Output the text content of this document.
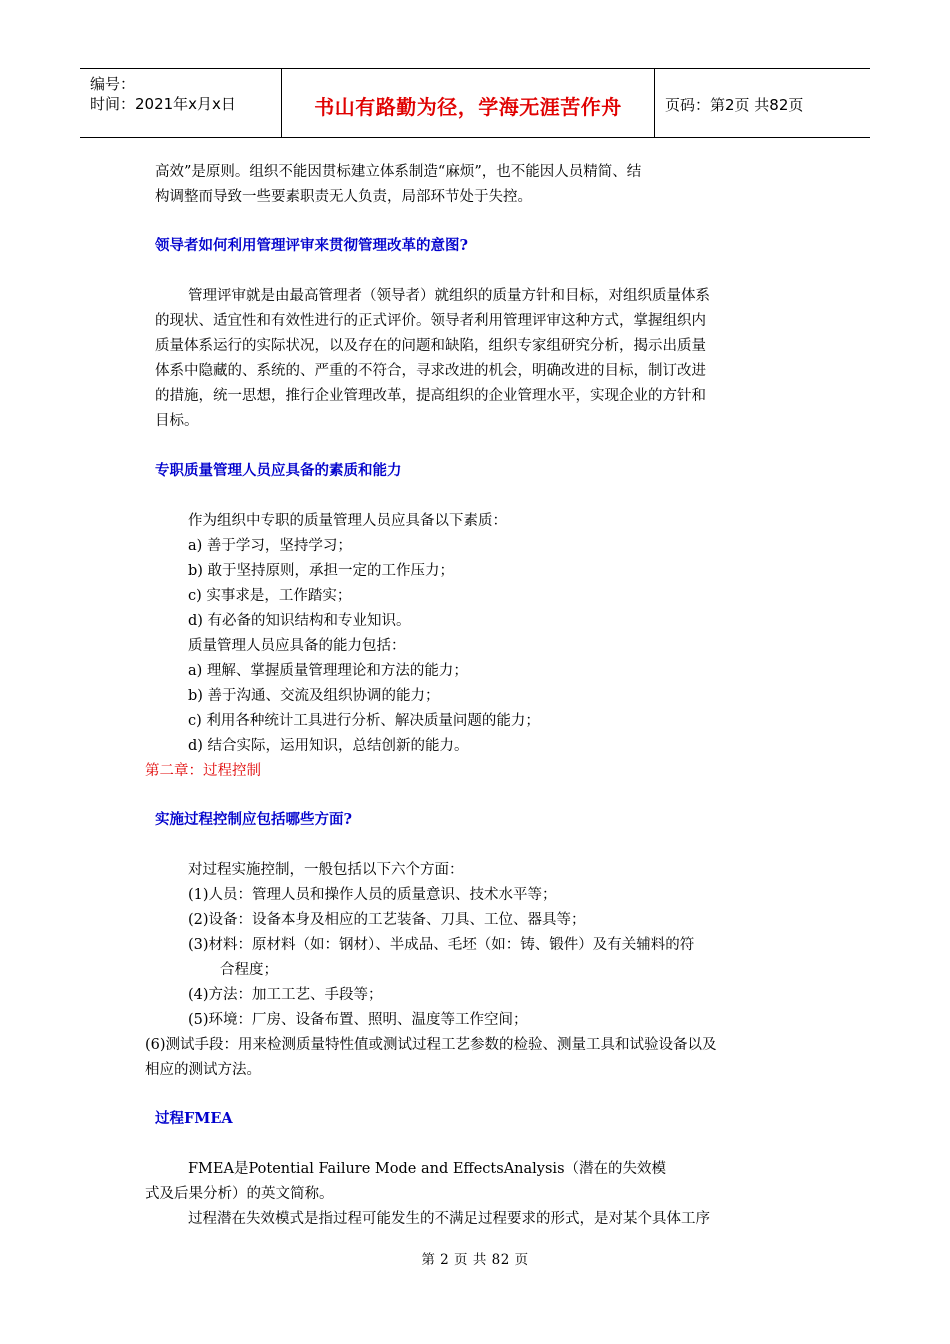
编号：
时间：2021年x月x日	书山有路勤为径，学海无涯苦作舟	页码：第2页 共82页
高效”是原则。组织不能因贯标建立体系制造“麻烦”，也不能因人员精简、结
构调整而导致一些要素职责无人负责，局部环节处于失控。
领导者如何利用管理评审来贯彻管理改革的意图?
管理评审就是由最高管理者（领导者）就组织的质量方针和目标，对组织质量体系
的现状、适宜性和有效性进行的正式评价。领导者利用管理评审这种方式，掌握组织内
质量体系运行的实际状况，以及存在的问题和缺陷，组织专家组研究分析，揭示出质量
体系中隐藏的、系统的、严重的不符合，寻求改进的机会，明确改进的目标，制订改进
的措施，统一思想，推行企业管理改革，提高组织的企业管理水平，实现企业的方针和
目标。
专职质量管理人员应具备的素质和能力
作为组织中专职的质量管理人员应具备以下素质：
a) 善于学习，坚持学习；
b) 敢于坚持原则，承担一定的工作压力；
c) 实事求是，工作踏实；
d) 有必备的知识结构和专业知识。
质量管理人员应具备的能力包括：
a) 理解、掌握质量管理理论和方法的能力；
b) 善于沟通、交流及组织协调的能力；
c) 利用各种统计工具进行分析、解决质量问题的能力；
d) 结合实际，运用知识，总结创新的能力。
第二章：过程控制
实施过程控制应包括哪些方面?
对过程实施控制，一般包括以下六个方面：
(1)人员：管理人员和操作人员的质量意识、技术水平等；
(2)设备：设备本身及相应的工艺装备、刀具、工位、器具等；
(3)材料：原材料（如：钢材）、半成品、毛坯（如：铸、锻件）及有关辅料的符
合程度；
(4)方法：加工工艺、手段等；
(5)环境：厂房、设备布置、照明、温度等工作空间；
(6)测试手段：用来检测质量特性值或测试过程工艺参数的检验、测量工具和试验设备以及
相应的测试方法。
过程FMEA
FMEA是Potential Failure Mode and EffectsAnalysis（潜在的失效模
式及后果分析）的英文简称。
过程潜在失效模式是指过程可能发生的不满足过程要求的形式，是对某个具体工序
第 2 页 共 82 页
